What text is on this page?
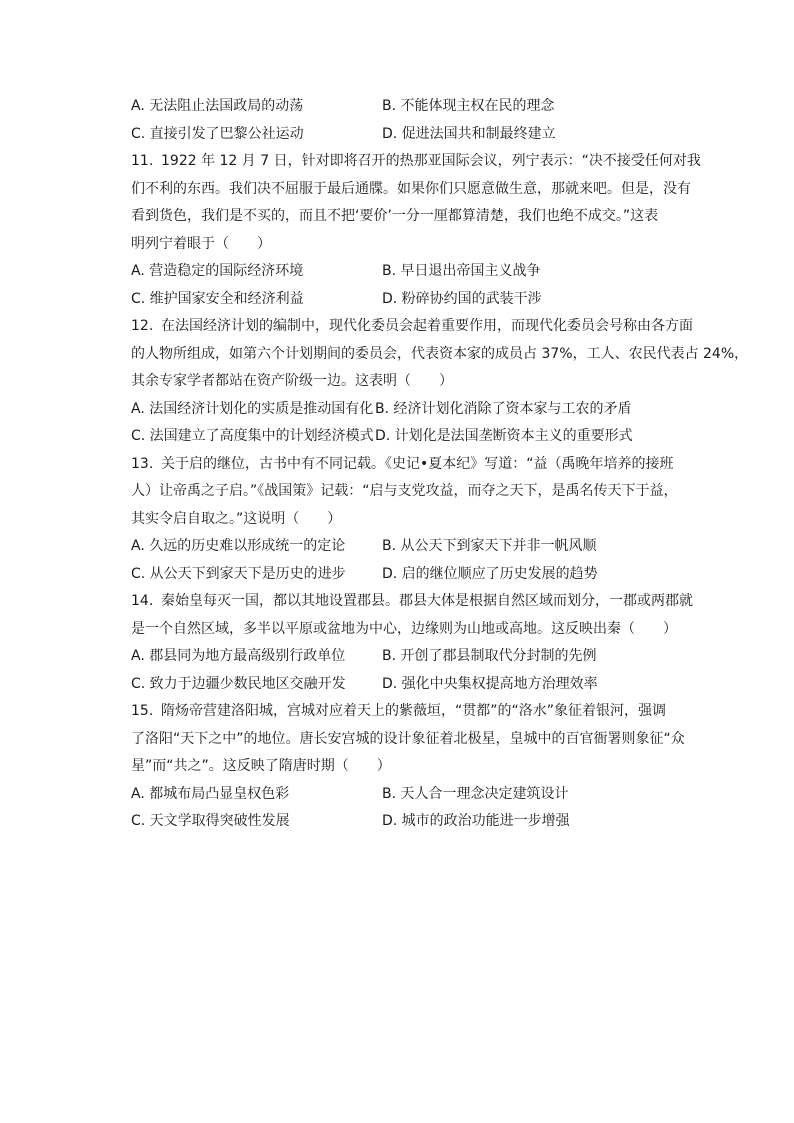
A. 无法阻止法国政局的动荡	B. 不能体现主权在民的理念
C. 直接引发了巴黎公社运动	D. 促进法国共和制最终建立
11. 1922 年 12 月 7 日，针对即将召开的热那亚国际会议，列宁表示：“决不接受任何对我
们不利的东西。我们决不屈服于最后通牒。如果你们只愿意做生意，那就来吧。但是，没有
看到货色，我们是不买的，而且不把‘要价’一分一厘都算清楚，我们也绝不成交。”这表
明列宁着眼于（　　）
A. 营造稳定的国际经济环境	B. 早日退出帝国主义战争
C. 维护国家安全和经济利益	D. 粉碎协约国的武装干涉
12. 在法国经济计划的编制中，现代化委员会起着重要作用，而现代化委员会号称由各方面
的人物所组成，如第六个计划期间的委员会，代表资本家的成员占 37%，工人、农民代表占 24%，
其余专家学者都站在资产阶级一边。这表明（　　）
A. 法国经济计划化的实质是推动国有化 B. 经济计划化消除了资本家与工农的矛盾
C. 法国建立了高度集中的计划经济模式 D. 计划化是法国垄断资本主义的重要形式
13. 关于启的继位，古书中有不同记载。《史记•夏本纪》写道：“益（禹晚年培养的接班
人）让帝禹之子启。”《战国策》记载：“启与支党攻益，而夺之天下，是禹名传天下于益，
其实令启自取之。”这说明（　　）
A. 久远的历史难以形成统一的定论	B. 从公天下到家天下并非一帆风顺
C. 从公天下到家天下是历史的进步	D. 启的继位顺应了历史发展的趋势
14. 秦始皇每灭一国，都以其地设置郡县。郡县大体是根据自然区域而划分，一郡或两郡就
是一个自然区域，多半以平原或盆地为中心，边缘则为山地或高地。这反映出秦（　　）
A. 郡县同为地方最高级别行政单位	B. 开创了郡县制取代分封制的先例
C. 致力于边疆少数民地区交融开发	D. 强化中央集权提高地方治理效率
15. 隋炀帝营建洛阳城，宫城对应着天上的紫薇垣，“贯都”的“洛水”象征着银河，强调
了洛阳“天下之中”的地位。唐长安宫城的设计象征着北极星，皇城中的百官衙署则象征“众
星”而“共之”。这反映了隋唐时期（　　）
A. 都城布局凸显皇权色彩	B. 天人合一理念决定建筑设计
C. 天文学取得突破性发展	D. 城市的政治功能进一步增强
